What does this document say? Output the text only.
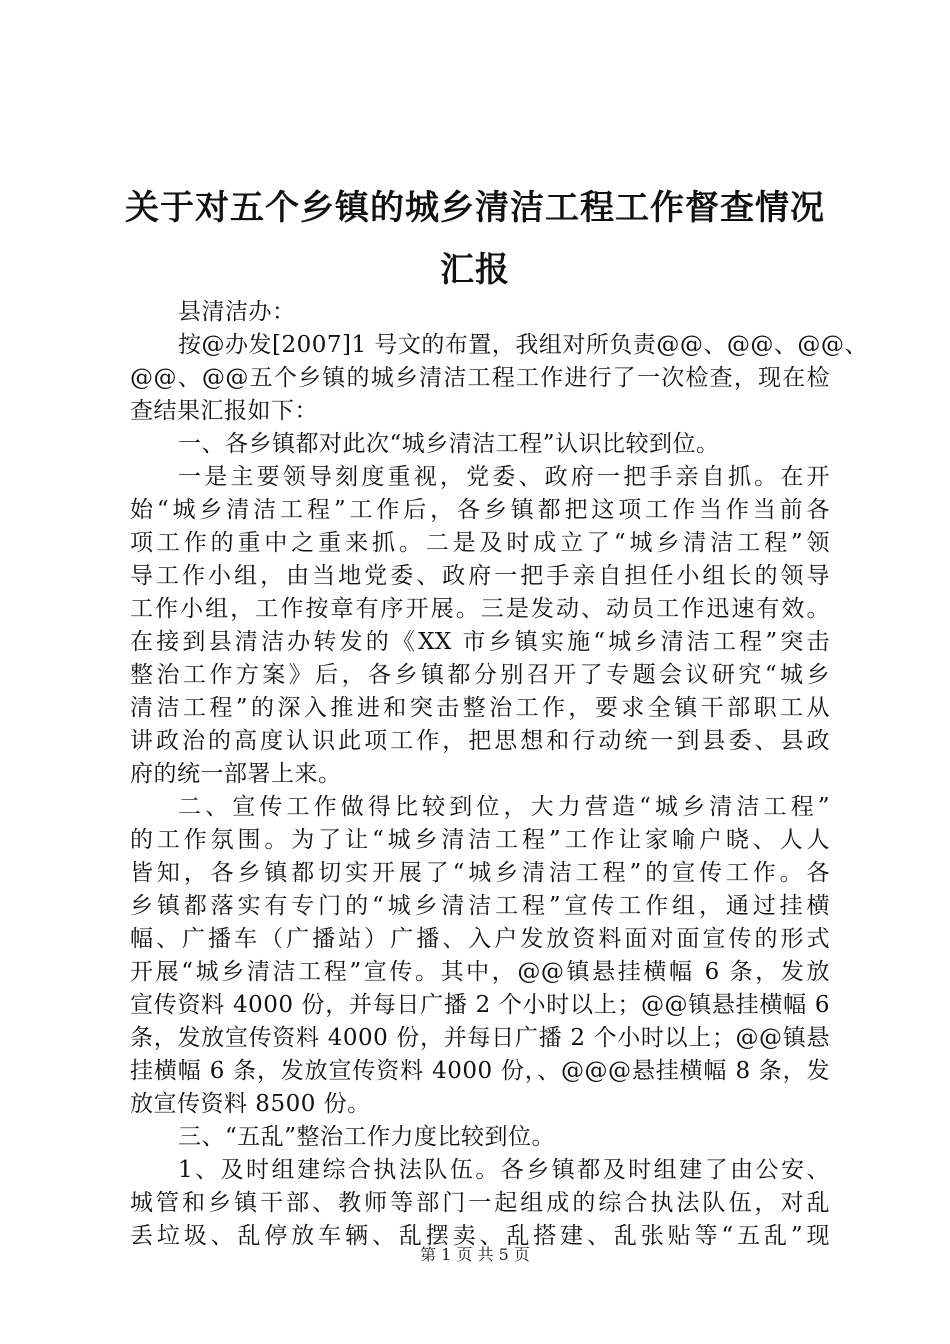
关于对五个乡镇的城乡清洁工程工作督查情况
汇报
县清洁办：
按@办发[2007]1 号文的布置，我组对所负责@@、@@、@@、
@@、@@五个乡镇的城乡清洁工程工作进行了一次检查，现在检
查结果汇报如下：
一、各乡镇都对此次“城乡清洁工程”认识比较到位。
一是主要领导刻度重视，党委、政府一把手亲自抓。在开
始“城乡清洁工程”工作后，各乡镇都把这项工作当作当前各
项工作的重中之重来抓。二是及时成立了“城乡清洁工程”领
导工作小组，由当地党委、政府一把手亲自担任小组长的领导
工作小组，工作按章有序开展。三是发动、动员工作迅速有效。
在接到县清洁办转发的《XX 市乡镇实施“城乡清洁工程”突击
整治工作方案》后，各乡镇都分别召开了专题会议研究“城乡
清洁工程”的深入推进和突击整治工作，要求全镇干部职工从
讲政治的高度认识此项工作，把思想和行动统一到县委、县政
府的统一部署上来。
二、宣传工作做得比较到位，大力营造“城乡清洁工程”
的工作氛围。为了让“城乡清洁工程”工作让家喻户晓、人人
皆知，各乡镇都切实开展了“城乡清洁工程”的宣传工作。各
乡镇都落实有专门的“城乡清洁工程”宣传工作组，通过挂横
幅、广播车（广播站）广播、入户发放资料面对面宣传的形式
开展“城乡清洁工程”宣传。其中，@@镇悬挂横幅 6 条，发放
宣传资料 4000 份，并每日广播 2 个小时以上；@@镇悬挂横幅 6
条，发放宣传资料 4000 份，并每日广播 2 个小时以上；@@镇悬
挂横幅 6 条，发放宣传资料 4000 份，、@@@悬挂横幅 8 条，发
放宣传资料 8500 份。
三、“五乱”整治工作力度比较到位。
1、及时组建综合执法队伍。各乡镇都及时组建了由公安、
城管和乡镇干部、教师等部门一起组成的综合执法队伍，对乱
丢垃圾、乱停放车辆、乱摆卖、乱搭建、乱张贴等“五乱”现
第 1 页 共 5 页
